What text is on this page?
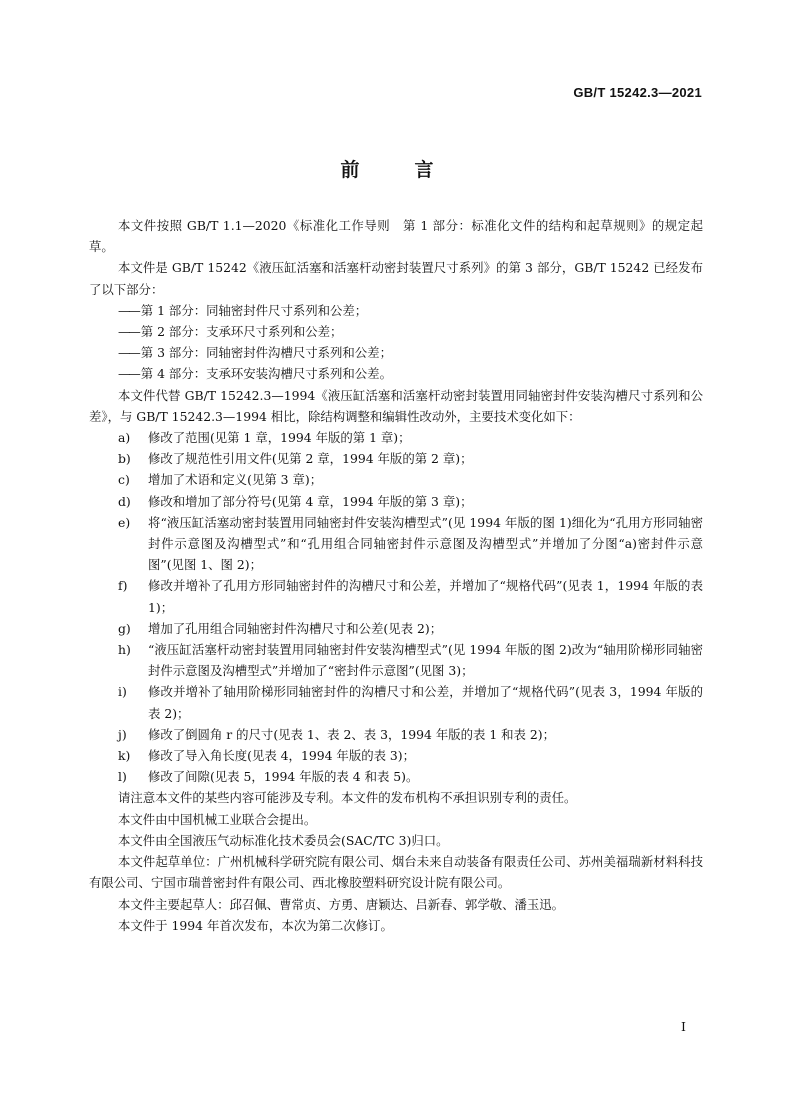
GB/T 15242.3—2021
前　言

本文件按照 GB/T 1.1—2020《标准化工作导则　第 1 部分：标准化文件的结构和起草规则》的规定起草。

本文件是 GB/T 15242《液压缸活塞和活塞杆动密封装置尺寸系列》的第 3 部分，GB/T 15242 已经发布了以下部分：

—— 第 1 部分：同轴密封件尺寸系列和公差；

—— 第 2 部分：支承环尺寸系列和公差；

—— 第 3 部分：同轴密封件沟槽尺寸系列和公差；

—— 第 4 部分：支承环安装沟槽尺寸系列和公差。

本文件代替 GB/T 15242.3—1994《液压缸活塞和活塞杆动密封装置用同轴密封件安装沟槽尺寸系列和公差》，与 GB/T 15242.3—1994 相比，除结构调整和编辑性改动外，主要技术变化如下：

a) 修改了范围(见第 1 章，1994 年版的第 1 章)；

b) 修改了规范性引用文件(见第 2 章，1994 年版的第 2 章)；

c) 增加了术语和定义(见第 3 章)；

d) 修改和增加了部分符号(见第 4 章，1994 年版的第 3 章)；

e) 将“液压缸活塞动密封装置用同轴密封件安装沟槽型式”(见 1994 年版的图 1)细化为“孔用方形同轴密封件示意图及沟槽型式”和“孔用组合同轴密封件示意图及沟槽型式”并增加了分图“a)密封件示意图”(见图 1、图 2)；

f) 修改并增补了孔用方形同轴密封件的沟槽尺寸和公差，并增加了“规格代码”(见表 1，1994 年版的表 1)；

g) 增加了孔用组合同轴密封件沟槽尺寸和公差(见表 2)；

h) “液压缸活塞杆动密封装置用同轴密封件安装沟槽型式”(见 1994 年版的图 2)改为“轴用阶梯形同轴密封件示意图及沟槽型式”并增加了“密封件示意图”(见图 3)；

i) 修改并增补了轴用阶梯形同轴密封件的沟槽尺寸和公差，并增加了“规格代码”(见表 3，1994 年版的表 2)；

j) 修改了倒圆角 r 的尺寸(见表 1、表 2、表 3，1994 年版的表 1 和表 2)；

k) 修改了导入角长度(见表 4，1994 年版的表 3)；

l) 修改了间隙(见表 5，1994 年版的表 4 和表 5)。

请注意本文件的某些内容可能涉及专利。本文件的发布机构不承担识别专利的责任。

本文件由中国机械工业联合会提出。

本文件由全国液压气动标准化技术委员会(SAC/TC 3)归口。

本文件起草单位：广州机械科学研究院有限公司、烟台未来自动装备有限责任公司、苏州美福瑞新材料科技有限公司、宁国市瑞普密封件有限公司、西北橡胶塑料研究设计院有限公司。

本文件主要起草人：邱召佩、曹常贞、方勇、唐颖达、吕新春、郭学敬、潘玉迅。

本文件于 1994 年首次发布，本次为第二次修订。

I
